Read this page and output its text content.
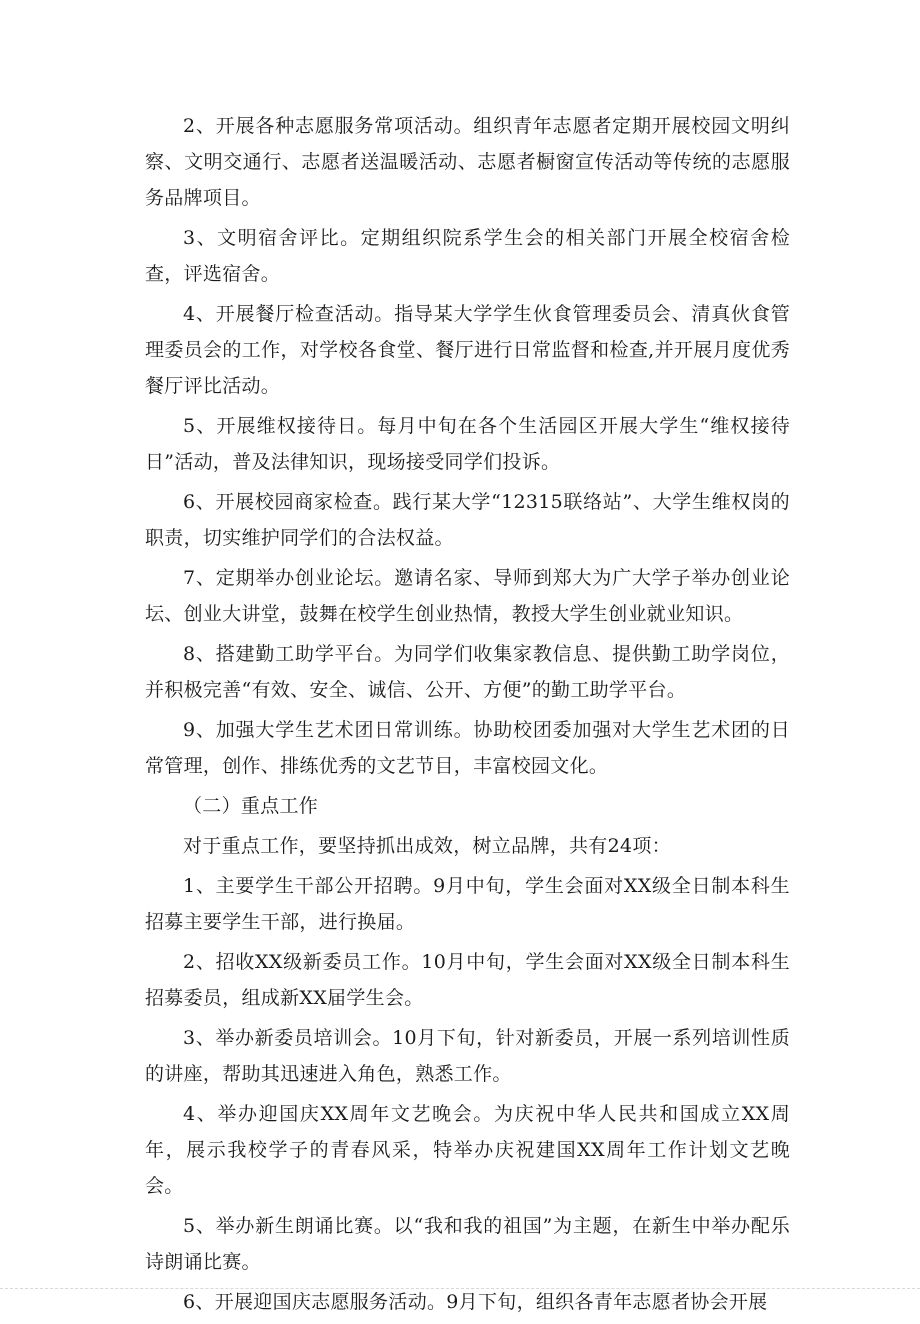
2、开展各种志愿服务常项活动。组织青年志愿者定期开展校园文明纠察、文明交通行、志愿者送温暖活动、志愿者橱窗宣传活动等传统的志愿服务品牌项目。

3、文明宿舍评比。定期组织院系学生会的相关部门开展全校宿舍检查，评选宿舍。

4、开展餐厅检查活动。指导某大学学生伙食管理委员会、清真伙食管理委员会的工作，对学校各食堂、餐厅进行日常监督和检查,并开展月度优秀餐厅评比活动。

5、开展维权接待日。每月中旬在各个生活园区开展大学生“维权接待日”活动，普及法律知识，现场接受同学们投诉。

6、开展校园商家检查。践行某大学“12315联络站”、大学生维权岗的职责，切实维护同学们的合法权益。

7、定期举办创业论坛。邀请名家、导师到郑大为广大学子举办创业论坛、创业大讲堂，鼓舞在校学生创业热情，教授大学生创业就业知识。

8、搭建勤工助学平台。为同学们收集家教信息、提供勤工助学岗位，并积极完善“有效、安全、诚信、公开、方便”的勤工助学平台。

9、加强大学生艺术团日常训练。协助校团委加强对大学生艺术团的日常管理，创作、排练优秀的文艺节目，丰富校园文化。

（二）重点工作

对于重点工作，要坚持抓出成效，树立品牌，共有24项：

1、主要学生干部公开招聘。9月中旬，学生会面对XX级全日制本科生招募主要学生干部，进行换届。

2、招收XX级新委员工作。10月中旬，学生会面对XX级全日制本科生招募委员，组成新XX届学生会。

3、举办新委员培训会。10月下旬，针对新委员，开展一系列培训性质的讲座，帮助其迅速进入角色，熟悉工作。

4、举办迎国庆XX周年文艺晚会。为庆祝中华人民共和国成立XX周年，展示我校学子的青春风采，特举办庆祝建国XX周年工作计划文艺晚会。

5、举办新生朗诵比赛。以“我和我的祖国”为主题，在新生中举办配乐诗朗诵比赛。

6、开展迎国庆志愿服务活动。9月下旬，组织各青年志愿者协会开展
